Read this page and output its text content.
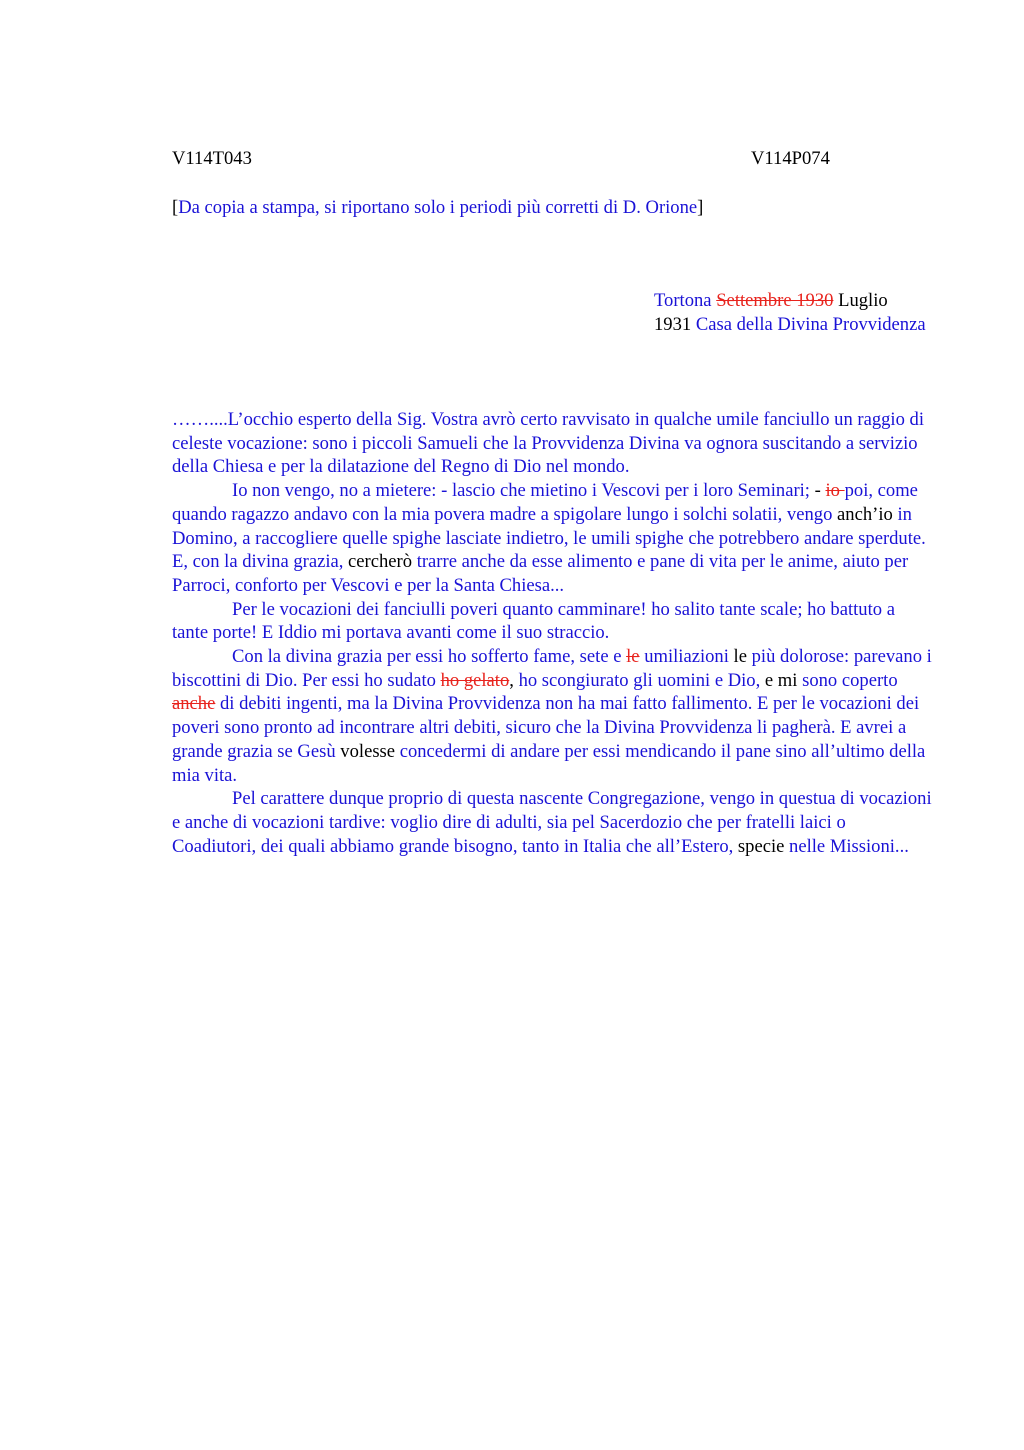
V114T043	V114P074
[Da copia a stampa, si riportano solo i periodi più corretti di D. Orione]
Tortona Settembre 1930 Luglio 1931 Casa della Divina Provvidenza

……....L’occhio esperto della Sig. Vostra avrò certo ravvisato in qualche umile fanciullo un raggio di celeste vocazione: sono i piccoli Samueli che la Provvidenza Divina va ognora suscitando a servizio della Chiesa e per la dilatazione del Regno di Dio nel mondo.

Io non vengo, no a mietere: - lascio che mietino i Vescovi per i loro Seminari; - io poi, come quando ragazzo andavo con la mia povera madre a spigolare lungo i solchi solatii, vengo anch’io in Domino, a raccogliere quelle spighe lasciate indietro, le umili spighe che potrebbero andare sperdute. E, con la divina grazia, cercherò trarre anche da esse alimento e pane di vita per le anime, aiuto per Parroci, conforto per Vescovi e per la Santa Chiesa...

Per le vocazioni dei fanciulli poveri quanto camminare! ho salito tante scale; ho battuto a tante porte! E Iddio mi portava avanti come il suo straccio.

Con la divina grazia per essi ho sofferto fame, sete e le umiliazioni le più dolorose: parevano i biscottini di Dio. Per essi ho sudato ho gelato, ho scongiurato gli uomini e Dio, e mi sono coperto anche di debiti ingenti, ma la Divina Provvidenza non ha mai fatto fallimento. E per le vocazioni dei poveri sono pronto ad incontrare altri debiti, sicuro che la Divina Provvidenza li pagherà. E avrei a grande grazia se Gesù volesse concedermi di andare per essi mendicando il pane sino all’ultimo della mia vita.

Pel carattere dunque proprio di questa nascente Congregazione, vengo in questua di vocazioni e anche di vocazioni tardive: voglio dire di adulti, sia pel Sacerdozio che per fratelli laici o Coadiutori, dei quali abbiamo grande bisogno, tanto in Italia che all’Estero, specie nelle Missioni...
